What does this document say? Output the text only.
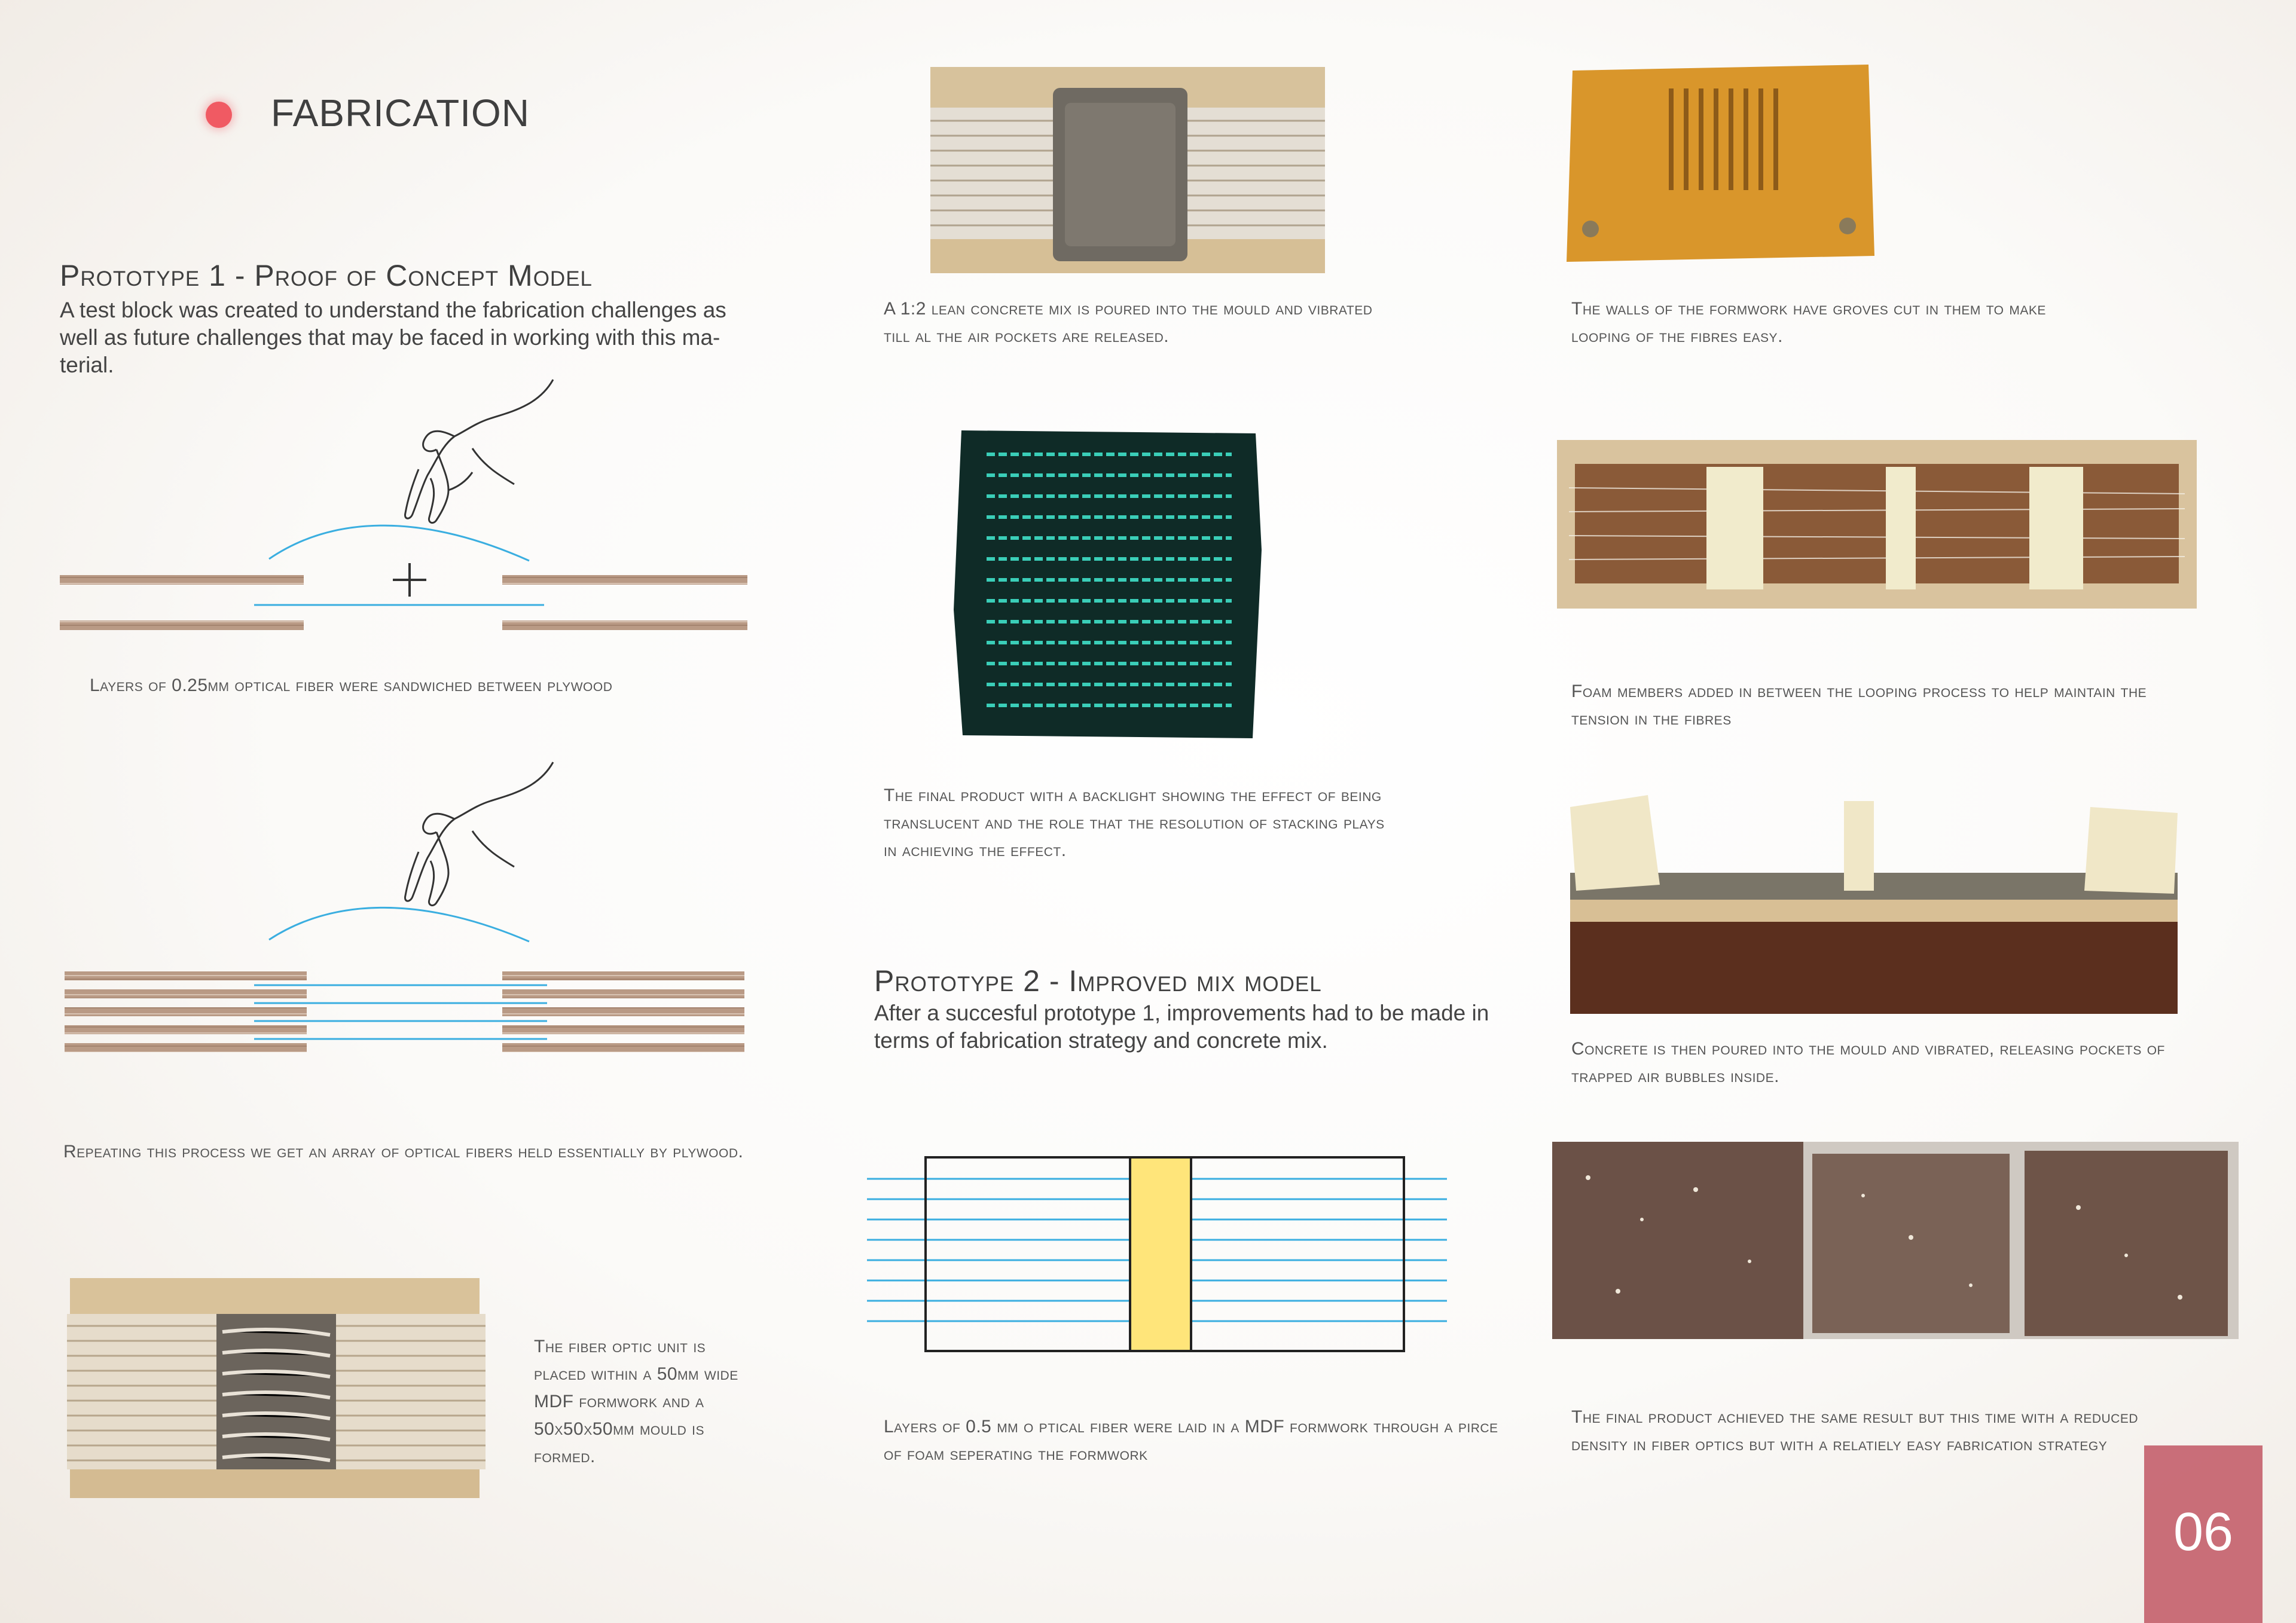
FABRICATION
Prototype 1 - Proof of Concept Model
A test block was created to understand the fabrication challenges as well as future challenges that may be faced in working with this ma-terial.
Layers of 0.25mm optical fiber were sandwiched between plywood
Repeating this process we get an array of optical fibers held essentially by plywood.
The fiber optic unit is placed within a 50mm wide MDF formwork and a 50x50x50mm mould is formed.
A 1:2 lean concrete mix is poured into the mould and vibrated till al the air pockets are released.
The final product with a backlight showing the effect of being translucent and the role that the resolution of stacking plays in achieving the effect.
Prototype 2 - Improved mix model
After a succesful prototype 1, improvements had to be made in terms of fabrication strategy and concrete mix.
Layers of 0.5 mm o ptical fiber were laid in a MDF formwork through a pirce of foam seperating the formwork
The walls of the formwork have groves cut in them to make looping of the fibres easy.
Foam members added in between the looping process to help maintain the tension in the fibres
Concrete is then poured into the mould and vibrated, releasing pockets of trapped air bubbles inside.
The final product achieved the same result but this time with a reduced density in fiber optics but with a relatiely easy fabrication strategy
06
